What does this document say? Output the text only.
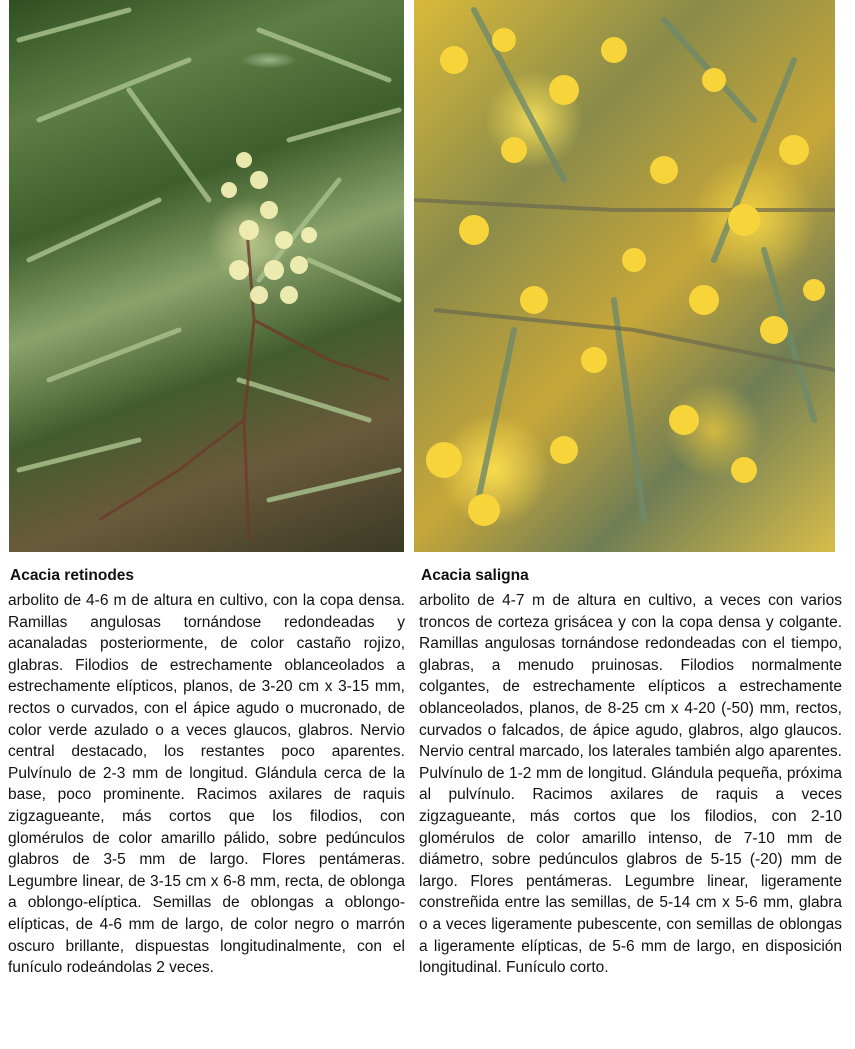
Acacia retinodes

arbolito de 4-6 m de altura en cultivo, con la copa densa. Ramillas angulosas tornándose redondeadas y acanaladas posteriormente, de color castaño rojizo, glabras. Filodios de estrechamente oblanceolados a estrechamente elípticos, planos, de 3-20 cm x 3-15 mm, rectos o curvados, con el ápice agudo o mucronado, de color verde azulado o a veces glaucos, glabros. Nervio central destacado, los restantes poco aparentes. Pulvínulo de 2-3 mm de longitud. Glándula cerca de la base, poco prominente. Racimos axilares de raquis zigzagueante, más cortos que los filodios, con glomérulos de color amarillo pálido, sobre pedúnculos glabros de 3-5 mm de largo. Flores pentámeras. Legumbre linear, de 3-15 cm x 6-8 mm, recta, de oblonga a oblongo-elíptica. Semillas de oblongas a oblongo-elípticas, de 4-6 mm de largo, de color negro o marrón oscuro brillante, dispuestas longitudinalmente, con el funículo rodeándolas 2 veces.

Acacia saligna

arbolito de 4-7 m de altura en cultivo, a veces con varios troncos de corteza grisácea y con la copa densa y colgante. Ramillas angulosas tornándose redondeadas con el tiempo, glabras, a menudo pruinosas. Filodios normalmente colgantes, de estrechamente elípticos a estrechamente oblanceolados, planos, de 8-25 cm x 4-20 (-50) mm, rectos, curvados o falcados, de ápice agudo, glabros, algo glaucos. Nervio central marcado, los laterales también algo aparentes. Pulvínulo de 1-2 mm de longitud. Glándula pequeña, próxima al pulvínulo. Racimos axilares de raquis a veces zigzagueante, más cortos que los filodios, con 2-10 glomérulos de color amarillo intenso, de 7-10 mm de diámetro, sobre pedúnculos glabros de 5-15 (-20) mm de largo. Flores pentámeras. Legumbre linear, ligeramente constreñida entre las semillas, de 5-14 cm x 5-6 mm, glabra o a veces ligeramente pubescente, con semillas de oblongas a ligeramente elípticas, de 5-6 mm de largo, en disposición longitudinal. Funículo corto.
